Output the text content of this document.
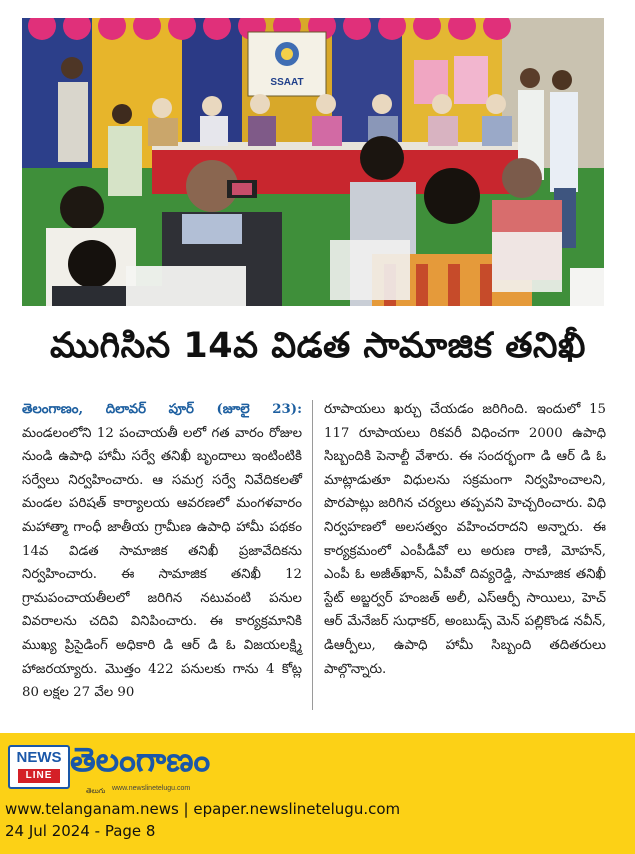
SSAAT
ముగిసిన 14వ విడత సామాజిక తనిఖీ
తెలంగాణం, దిలావర్ పూర్ (జూలై 23): మండలంలోని 12 పంచాయతీ లలో గత వారం రోజుల నుండి ఉపాధి హామీ సర్వే తనిఖీ బృందాలు ఇంటింటికి సర్వేలు నిర్వహించారు. ఆ సమగ్ర సర్వే నివేదికలతో మండల పరిషత్ కార్యాలయ ఆవరణలో మంగళవారం మహాత్మా గాంధీ జాతీయ గ్రామీణ ఉపాధి హామీ పథకం 14వ విడత సామాజిక తనిఖీ ప్రజావేదికను నిర్వహించారు. ఈ సామాజిక తనిఖీ 12 గ్రామపంచాయతీలలో జరిగిన నటువంటి పనుల వివరాలను చదివి వినిపించారు. ఈ కార్యక్రమానికి ముఖ్య ప్రిసైడింగ్ అధికారి డి ఆర్ డి ఓ విజయలక్ష్మి హాజరయ్యారు. మొత్తం 422 పనులకు గాను 4 కోట్ల 80 లక్షల 27 వేల 90
రూపాయలు ఖర్చు చేయడం జరిగింది. ఇందులో 15 117 రూపాయలు రికవరీ విధించగా 2000 ఉపాధి సిబ్బందికి పెనాల్టీ వేశారు. ఈ సందర్భంగా డి ఆర్ డి ఓ మాట్లాడుతూ విధులను సక్రమంగా నిర్వహించాలని, పొరపాట్లు జరిగిన చర్యలు తప్పవని హెచ్చరించారు. విధి నిర్వహణలో అలసత్వం వహించరాదని అన్నారు. ఈ కార్యక్రమంలో ఎంపీడీవో లు అరుణ రాణి, మోహన్, ఎంపీ ఓ అజీత్‌ఖాన్, ఏపీవో దివ్యరెడ్డి, సామాజిక తనిఖీ స్టేట్ అబ్జర్వర్ హంజత్ అలీ, ఎస్ఆర్పీ సాయిలు, హెచ్ ఆర్ మేనేజర్ సుధాకర్, అంబుడ్స్ మెన్ పల్లికొండ నవీన్, డిఆర్పీలు, ఉపాధి హామీ సిబ్బంది తదితరులు పాల్గొన్నారు.
NEWS
LINE తెలంగాణం
తెలుగు www.newslinetelugu.com
www.telanganam.news | epaper.newslinetelugu.com
24 Jul 2024 - Page 8
